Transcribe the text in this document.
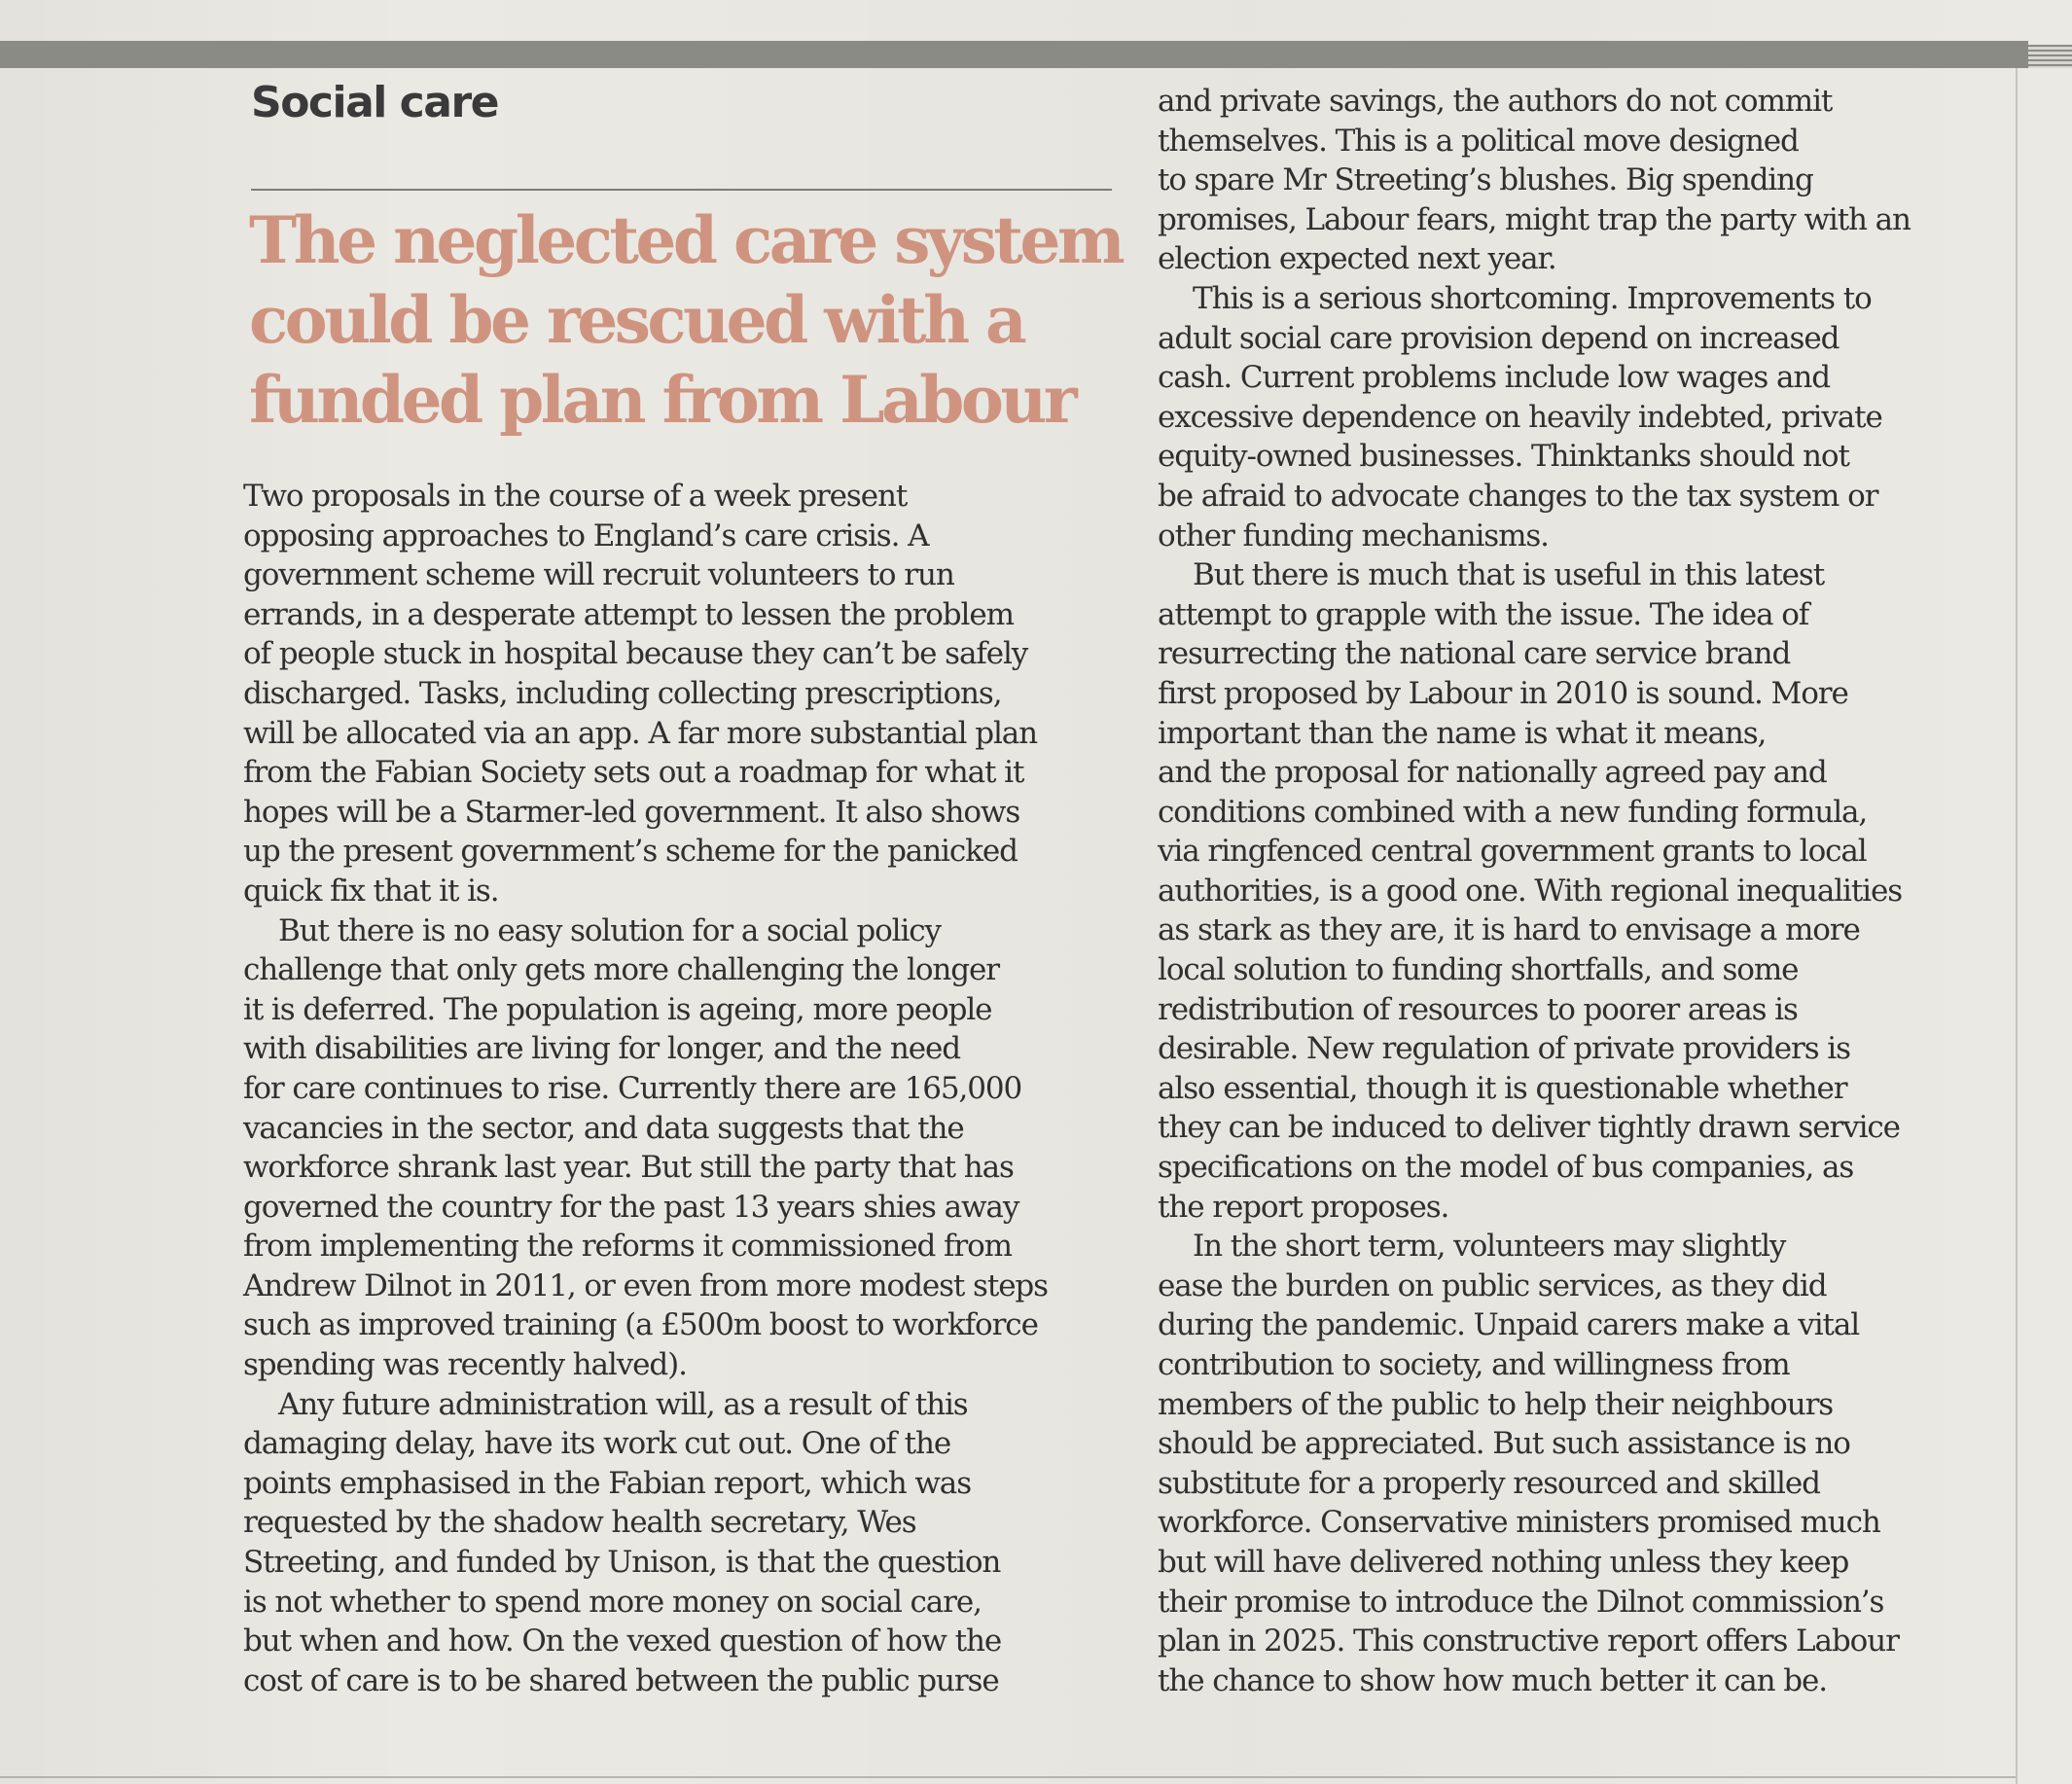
Social care
The neglected care system
could be rescued with a
funded plan from Labour
Two proposals in the course of a week present
opposing approaches to England’s care crisis. A
government scheme will recruit volunteers to run
errands, in a desperate attempt to lessen the problem
of people stuck in hospital because they can’t be safely
discharged. Tasks, including collecting prescriptions,
will be allocated via an app. A far more substantial plan
from the Fabian Society sets out a roadmap for what it
hopes will be a Starmer-led government. It also shows
up the present government’s scheme for the panicked
quick fix that it is.
But there is no easy solution for a social policy
challenge that only gets more challenging the longer
it is deferred. The population is ageing, more people
with disabilities are living for longer, and the need
for care continues to rise. Currently there are 165,000
vacancies in the sector, and data suggests that the
workforce shrank last year. But still the party that has
governed the country for the past 13 years shies away
from implementing the reforms it commissioned from
Andrew Dilnot in 2011, or even from more modest steps
such as improved training (a £500m boost to workforce
spending was recently halved).
Any future administration will, as a result of this
damaging delay, have its work cut out. One of the
points emphasised in the Fabian report, which was
requested by the shadow health secretary, Wes
Streeting, and funded by Unison, is that the question
is not whether to spend more money on social care,
but when and how. On the vexed question of how the
cost of care is to be shared between the public purse
and private savings, the authors do not commit
themselves. This is a political move designed
to spare Mr Streeting’s blushes. Big spending
promises, Labour fears, might trap the party with an
election expected next year.
This is a serious shortcoming. Improvements to
adult social care provision depend on increased
cash. Current problems include low wages and
excessive dependence on heavily indebted, private
equity-owned businesses. Thinktanks should not
be afraid to advocate changes to the tax system or
other funding mechanisms.
But there is much that is useful in this latest
attempt to grapple with the issue. The idea of
resurrecting the national care service brand
first proposed by Labour in 2010 is sound. More
important than the name is what it means,
and the proposal for nationally agreed pay and
conditions combined with a new funding formula,
via ringfenced central government grants to local
authorities, is a good one. With regional inequalities
as stark as they are, it is hard to envisage a more
local solution to funding shortfalls, and some
redistribution of resources to poorer areas is
desirable. New regulation of private providers is
also essential, though it is questionable whether
they can be induced to deliver tightly drawn service
specifications on the model of bus companies, as
the report proposes.
In the short term, volunteers may slightly
ease the burden on public services, as they did
during the pandemic. Unpaid carers make a vital
contribution to society, and willingness from
members of the public to help their neighbours
should be appreciated. But such assistance is no
substitute for a properly resourced and skilled
workforce. Conservative ministers promised much
but will have delivered nothing unless they keep
their promise to introduce the Dilnot commission’s
plan in 2025. This constructive report offers Labour
the chance to show how much better it can be.
